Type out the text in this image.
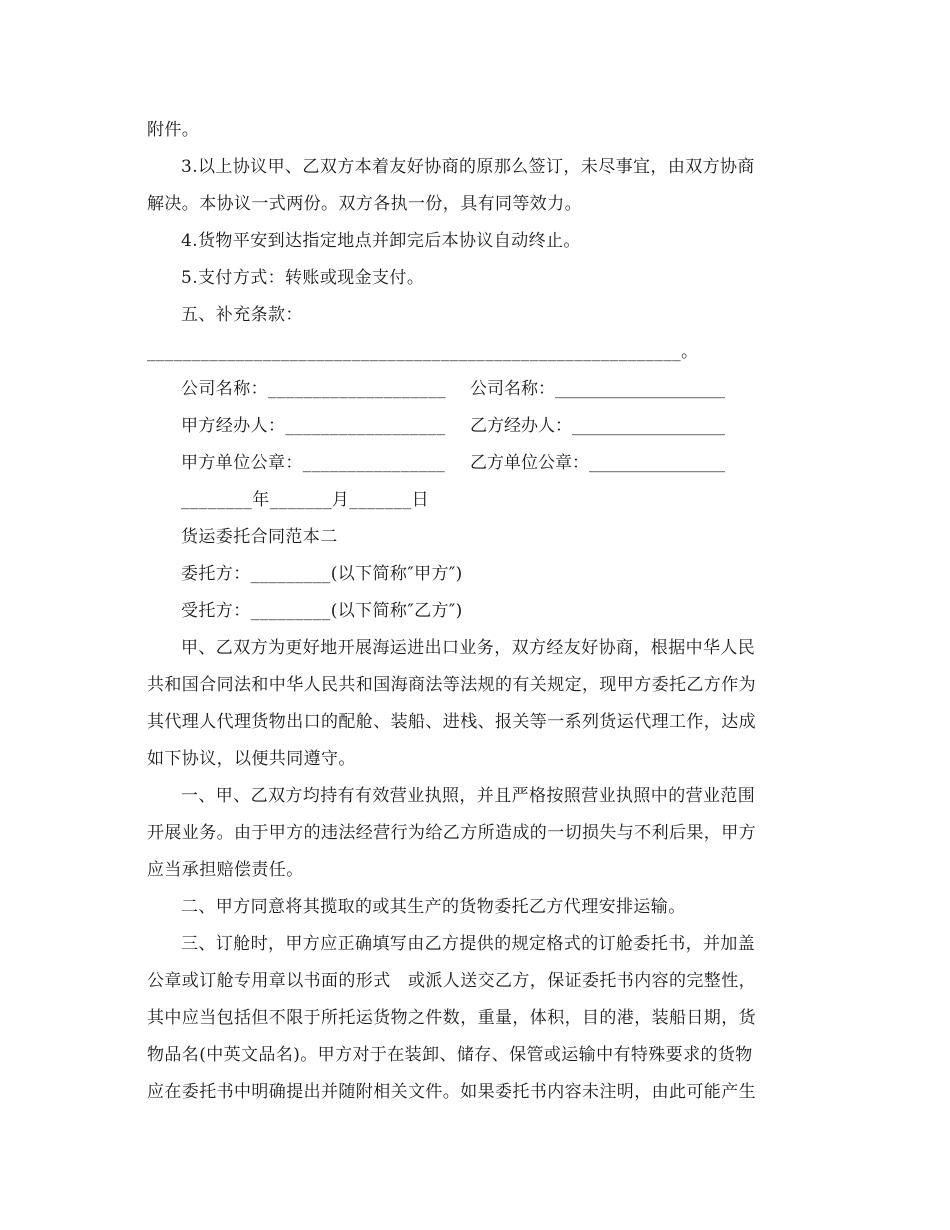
附件。
3.以上协议甲、乙双方本着友好协商的原那么签订，未尽事宜，由双方协商
解决。本协议一式两份。双方各执一份，具有同等效力。
4.货物平安到达指定地点并卸完后本协议自动终止。
5.支付方式：转账或现金支付。
五、补充条款：
____________________________________________________________。
公司名称：____________________	公司名称：____________________
甲方经办人：__________________	乙方经办人：__________________
甲方单位公章：________________	乙方单位公章：________________
________年_______月_______日
货运委托合同范本二
委托方：_________(以下简称″甲方″)
受托方：_________(以下简称″乙方″)
甲、乙双方为更好地开展海运进出口业务，双方经友好协商，根据中华人民
共和国合同法和中华人民共和国海商法等法规的有关规定，现甲方委托乙方作为
其代理人代理货物出口的配舱、装船、进栈、报关等一系列货运代理工作，达成
如下协议，以便共同遵守。
一、甲、乙双方均持有有效营业执照，并且严格按照营业执照中的营业范围
开展业务。由于甲方的违法经营行为给乙方所造成的一切损失与不利后果，甲方
应当承担赔偿责任。
二、甲方同意将其揽取的或其生产的货物委托乙方代理安排运输。
三、订舱时，甲方应正确填写由乙方提供的规定格式的订舱委托书，并加盖
公章或订舱专用章以书面的形式　或派人送交乙方，保证委托书内容的完整性，
其中应当包括但不限于所托运货物之件数，重量，体积，目的港，装船日期，货
物品名(中英文品名)。甲方对于在装卸、储存、保管或运输中有特殊要求的货物
应在委托书中明确提出并随附相关文件。如果委托书内容未注明，由此可能产生
